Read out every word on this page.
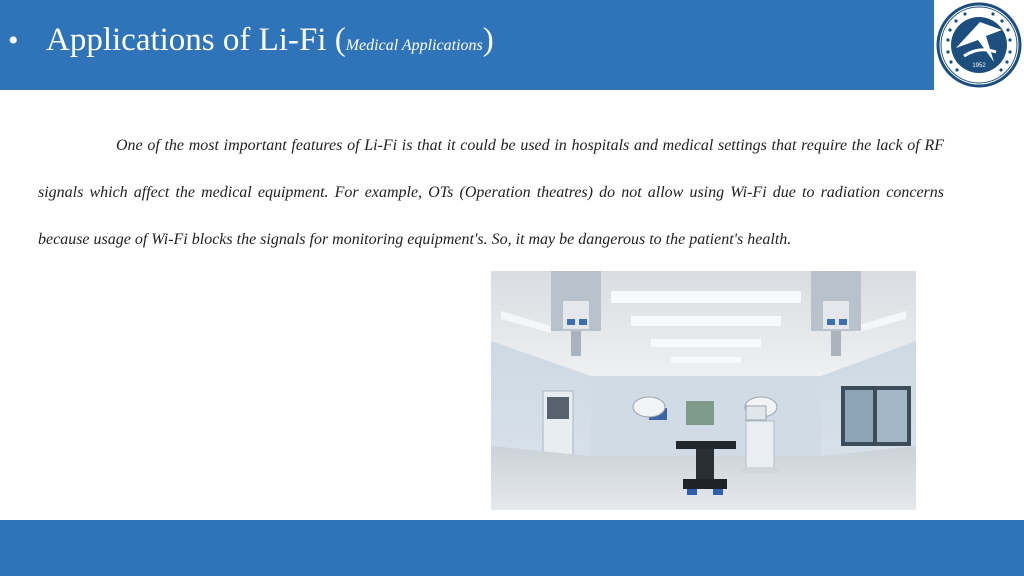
• Applications of Li-Fi ( Medical Applications )
1952

One of the most important features of Li-Fi is that it could be used in hospitals and medical settings that require the lack of RF signals which affect the medical equipment. For example, OTs (Operation theatres) do not allow using Wi-Fi due to radiation concerns because usage of Wi-Fi blocks the signals for monitoring equipment's. So, it may be dangerous to the patient's health.
